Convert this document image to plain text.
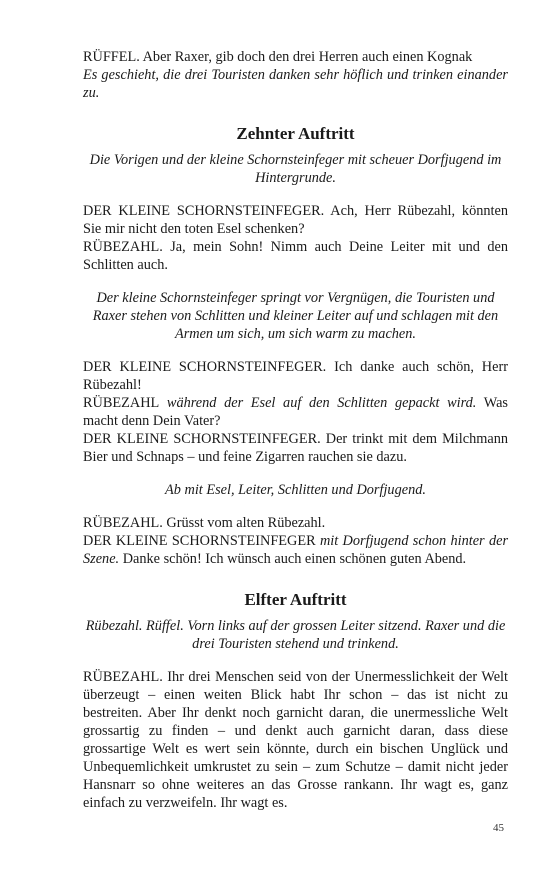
RÜFFEL. Aber Raxer, gib doch den drei Herren auch einen Kognak

Es geschieht, die drei Touristen danken sehr höflich und trinken einander zu.

Zehnter Auftritt

Die Vorigen und der kleine Schornsteinfeger mit scheuer Dorfjugend im Hintergrunde.

DER KLEINE SCHORNSTEINFEGER. Ach, Herr Rübezahl, könnten Sie mir nicht den toten Esel schenken?

RÜBEZAHL. Ja, mein Sohn! Nimm auch Deine Leiter mit und den Schlitten auch.

Der kleine Schornsteinfeger springt vor Vergnügen, die Touristen und Raxer stehen von Schlitten und kleiner Leiter auf und schlagen mit den Armen um sich, um sich warm zu machen.

DER KLEINE SCHORNSTEINFEGER. Ich danke auch schön, Herr Rübezahl!

RÜBEZAHL während der Esel auf den Schlitten gepackt wird. Was macht denn Dein Vater?

DER KLEINE SCHORNSTEINFEGER. Der trinkt mit dem Milchmann Bier und Schnaps – und feine Zigarren rauchen sie dazu.

Ab mit Esel, Leiter, Schlitten und Dorfjugend.

RÜBEZAHL. Grüsst vom alten Rübezahl.

DER KLEINE SCHORNSTEINFEGER mit Dorfjugend schon hinter der Szene. Danke schön! Ich wünsch auch einen schönen guten Abend.

Elfter Auftritt

Rübezahl. Rüffel. Vorn links auf der grossen Leiter sitzend. Raxer und die drei Touristen stehend und trinkend.

RÜBEZAHL. Ihr drei Menschen seid von der Unermesslichkeit der Welt überzeugt – einen weiten Blick habt Ihr schon – das ist nicht zu bestreiten. Aber Ihr denkt noch garnicht daran, die unermessliche Welt grossartig zu finden – und denkt auch garnicht daran, dass diese grossartige Welt es wert sein könnte, durch ein bischen Unglück und Unbequemlichkeit umkrustet zu sein – zum Schutze – damit nicht jeder Hansnarr so ohne weiteres an das Grosse rankann. Ihr wagt es, ganz einfach zu verzweifeln. Ihr wagt es.

45
